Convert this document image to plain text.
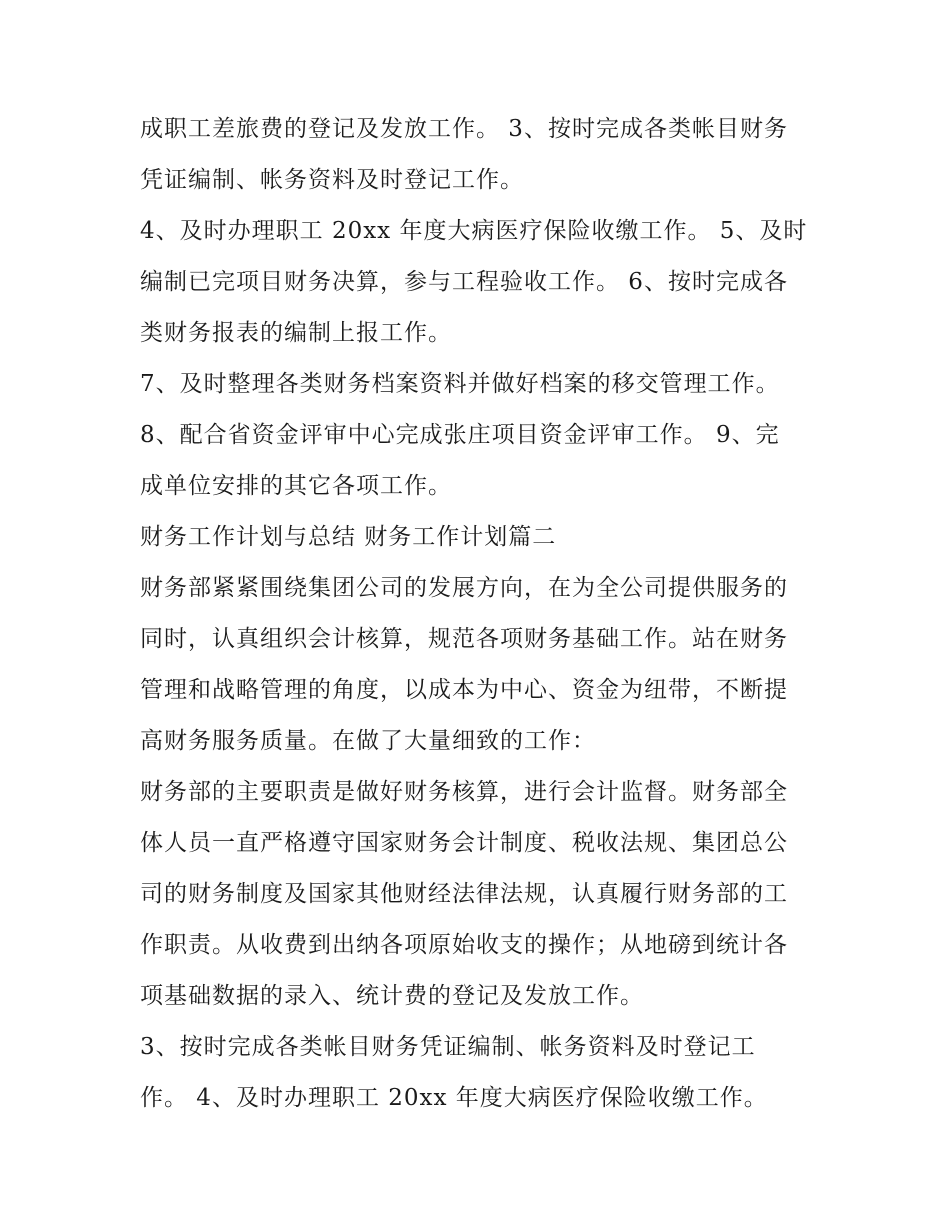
成职工差旅费的登记及发放工作。 3、按时完成各类帐目财务
凭证编制、帐务资料及时登记工作。
4、及时办理职工 20xx 年度大病医疗保险收缴工作。 5、及时
编制已完项目财务决算，参与工程验收工作。 6、按时完成各
类财务报表的编制上报工作。
7、及时整理各类财务档案资料并做好档案的移交管理工作。
8、配合省资金评审中心完成张庄项目资金评审工作。 9、完
成单位安排的其它各项工作。
财务工作计划与总结 财务工作计划篇二
财务部紧紧围绕集团公司的发展方向，在为全公司提供服务的
同时，认真组织会计核算，规范各项财务基础工作。站在财务
管理和战略管理的角度，以成本为中心、资金为纽带，不断提
高财务服务质量。在做了大量细致的工作：
财务部的主要职责是做好财务核算，进行会计监督。财务部全
体人员一直严格遵守国家财务会计制度、税收法规、集团总公
司的财务制度及国家其他财经法律法规，认真履行财务部的工
作职责。从收费到出纳各项原始收支的操作；从地磅到统计各
项基础数据的录入、统计费的登记及发放工作。
3、按时完成各类帐目财务凭证编制、帐务资料及时登记工
作。 4、及时办理职工 20xx 年度大病医疗保险收缴工作。
